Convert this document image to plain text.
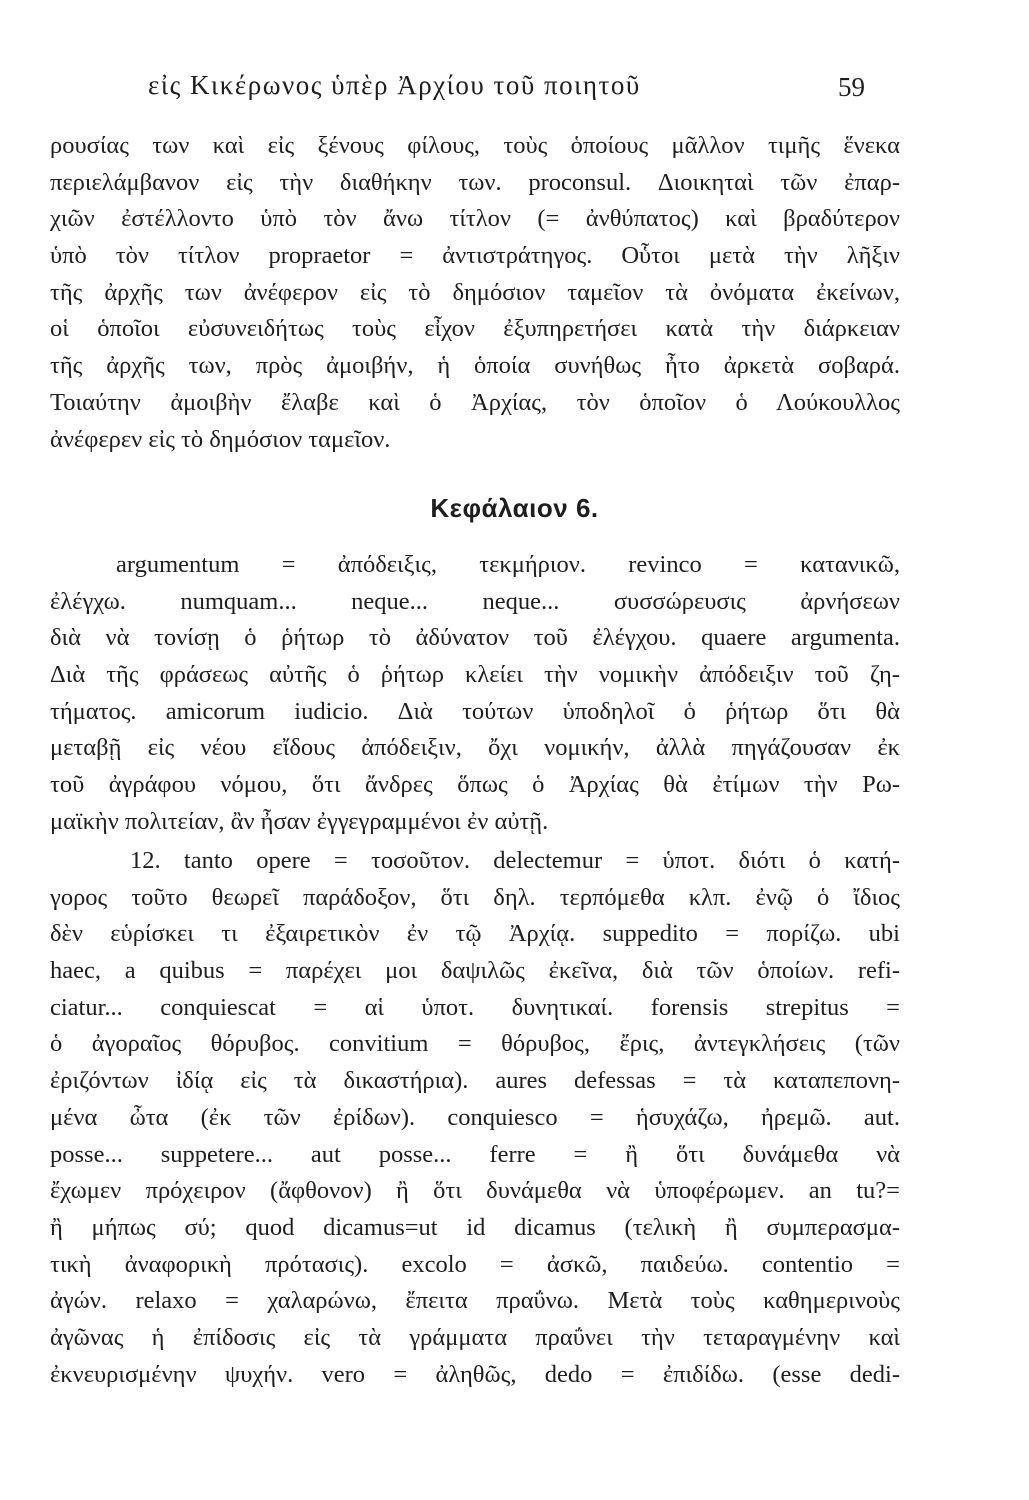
εἰς Κικέρωνος ὑπὲρ Ἀρχίου τοῦ ποιητοῦ	59
ρουσίας των καὶ εἰς ξένους φίλους, τοὺς ὁποίους μᾶλλον τιμῆς ἕνεκα
περιελάμβανον εἰς τὴν διαθήκην των. proconsul. Διοικηταὶ τῶν ἐπαρ-
χιῶν ἐστέλλοντο ὑπὸ τὸν ἄνω τίτλον (= ἀνθύπατος) καὶ βραδύτερον
ὑπὸ τὸν τίτλον propraetor = ἀντιστράτηγος. Οὗτοι μετὰ τὴν λῆξιν
τῆς ἀρχῆς των ἀνέφερον εἰς τὸ δημόσιον ταμεῖον τὰ ὀνόματα ἐκείνων,
οἱ ὁποῖοι εὐσυνειδήτως τοὺς εἶχον ἐξυπηρετήσει κατὰ τὴν διάρκειαν
τῆς ἀρχῆς των, πρὸς ἀμοιβήν, ἡ ὁποία συνήθως ἦτο ἀρκετὰ σοβαρά.
Τοιαύτην ἀμοιβὴν ἔλαβε καὶ ὁ Ἀρχίας, τὸν ὁποῖον ὁ Λούκουλλος
ἀνέφερεν εἰς τὸ δημόσιον ταμεῖον.
Κεφάλαιον 6.
argumentum = ἀπόδειξις, τεκμήριον. revinco = κατανικῶ,
ἐλέγχω. numquam... neque... neque... συσσώρευσις ἀρνήσεων
διὰ νὰ τονίσῃ ὁ ῥήτωρ τὸ ἀδύνατον τοῦ ἐλέγχου. quaere argumenta.
Διὰ τῆς φράσεως αὐτῆς ὁ ῥήτωρ κλείει τὴν νομικὴν ἀπόδειξιν τοῦ ζη-
τήματος. amicorum iudicio. Διὰ τούτων ὑποδηλοῖ ὁ ῥήτωρ ὅτι θὰ
μεταβῇ εἰς νέου εἴδους ἀπόδειξιν, ὄχι νομικήν, ἀλλὰ πηγάζουσαν ἐκ
τοῦ ἀγράφου νόμου, ὅτι ἄνδρες ὅπως ὁ Ἀρχίας θὰ ἐτίμων τὴν Ρω-
μαϊκὴν πολιτείαν, ἂν ἦσαν ἐγγεγραμμένοι ἐν αὐτῇ.
12. tanto opere = τοσοῦτον. delectemur = ὑποτ. διότι ὁ κατή-
γορος τοῦτο θεωρεῖ παράδοξον, ὅτι δηλ. τερπόμεθα κλπ. ἐνῷ ὁ ἴδιος
δὲν εὑρίσκει τι ἐξαιρετικὸν ἐν τῷ Ἀρχίᾳ. suppedito = πορίζω. ubi
haec, a quibus = παρέχει μοι δαψιλῶς ἐκεῖνα, διὰ τῶν ὁποίων. refi-
ciatur... conquiescat = αἱ ὑποτ. δυνητικαί. forensis strepitus =
ὁ ἀγοραῖος θόρυβος. convitium = θόρυβος, ἔρις, ἀντεγκλήσεις (τῶν
ἐριζόντων ἰδίᾳ εἰς τὰ δικαστήρια). aures defessas = τὰ καταπεπονη-
μένα ὦτα (ἐκ τῶν ἐρίδων). conquiesco = ἡσυχάζω, ἠρεμῶ. aut.
posse... suppetere... aut posse... ferre = ἢ ὅτι δυνάμεθα νὰ
ἔχωμεν πρόχειρον (ἄφθονον) ἢ ὅτι δυνάμεθα νὰ ὑποφέρωμεν. an tu?=
ἢ μήπως σύ; quod dicamus=ut id dicamus (τελικὴ ἢ συμπερασμα-
τικὴ ἀναφορικὴ πρότασις). excolo = ἀσκῶ, παιδεύω. contentio =
ἀγών. relaxo = χαλαρώνω, ἔπειτα πραΰνω. Μετὰ τοὺς καθημερινοὺς
ἀγῶνας ἡ ἐπίδοσις εἰς τὰ γράμματα πραΰνει τὴν τεταραγμένην καὶ
ἐκνευρισμένην ψυχήν. vero = ἀληθῶς, dedo = ἐπιδίδω. (esse dedi-
